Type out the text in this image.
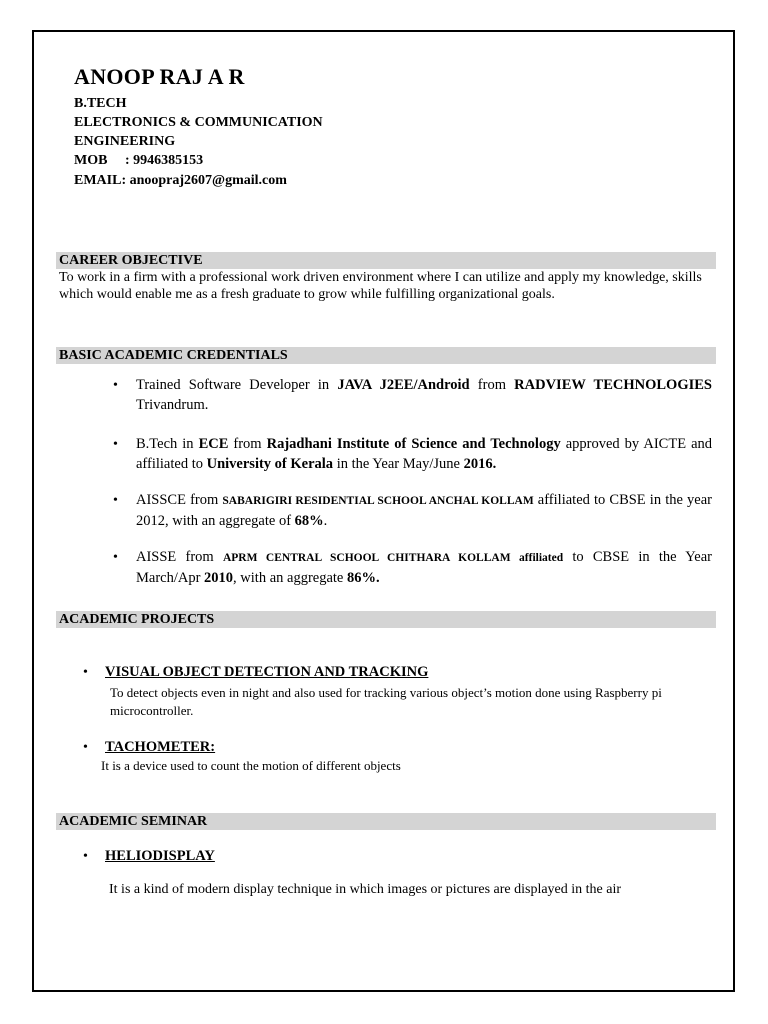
ANOOP RAJ A R
B.TECH
ELECTRONICS & COMMUNICATION
ENGINEERING
MOB     : 9946385153
EMAIL: anoopraj2607@gmail.com
CAREER OBJECTIVE
To work in a firm with a professional work driven environment where I can utilize and apply my knowledge, skills which would enable me as a fresh graduate to grow while fulfilling organizational goals.
BASIC ACADEMIC CREDENTIALS
• Trained Software Developer in JAVA J2EE/Android from RADVIEW TECHNOLOGIES Trivandrum.
• B.Tech in ECE from Rajadhani Institute of Science and Technology approved by AICTE and affiliated to University of Kerala in the Year May/June 2016.
• AISSCE from SABARIGIRI RESIDENTIAL SCHOOL ANCHAL KOLLAM affiliated to CBSE in the year 2012, with an aggregate of 68%.
• AISSE from APRM CENTRAL SCHOOL CHITHARA KOLLAM affiliated to CBSE in the Year March/Apr 2010, with an aggregate 86%.
ACADEMIC PROJECTS
• VISUAL OBJECT DETECTION AND TRACKING
To detect objects even in night and also used for tracking various object’s motion done using Raspberry pi
microcontroller.
• TACHOMETER:
It is a device used to count the motion of different objects
ACADEMIC SEMINAR
• HELIODISPLAY
It is a kind of modern display technique in which images or pictures are displayed in the air
